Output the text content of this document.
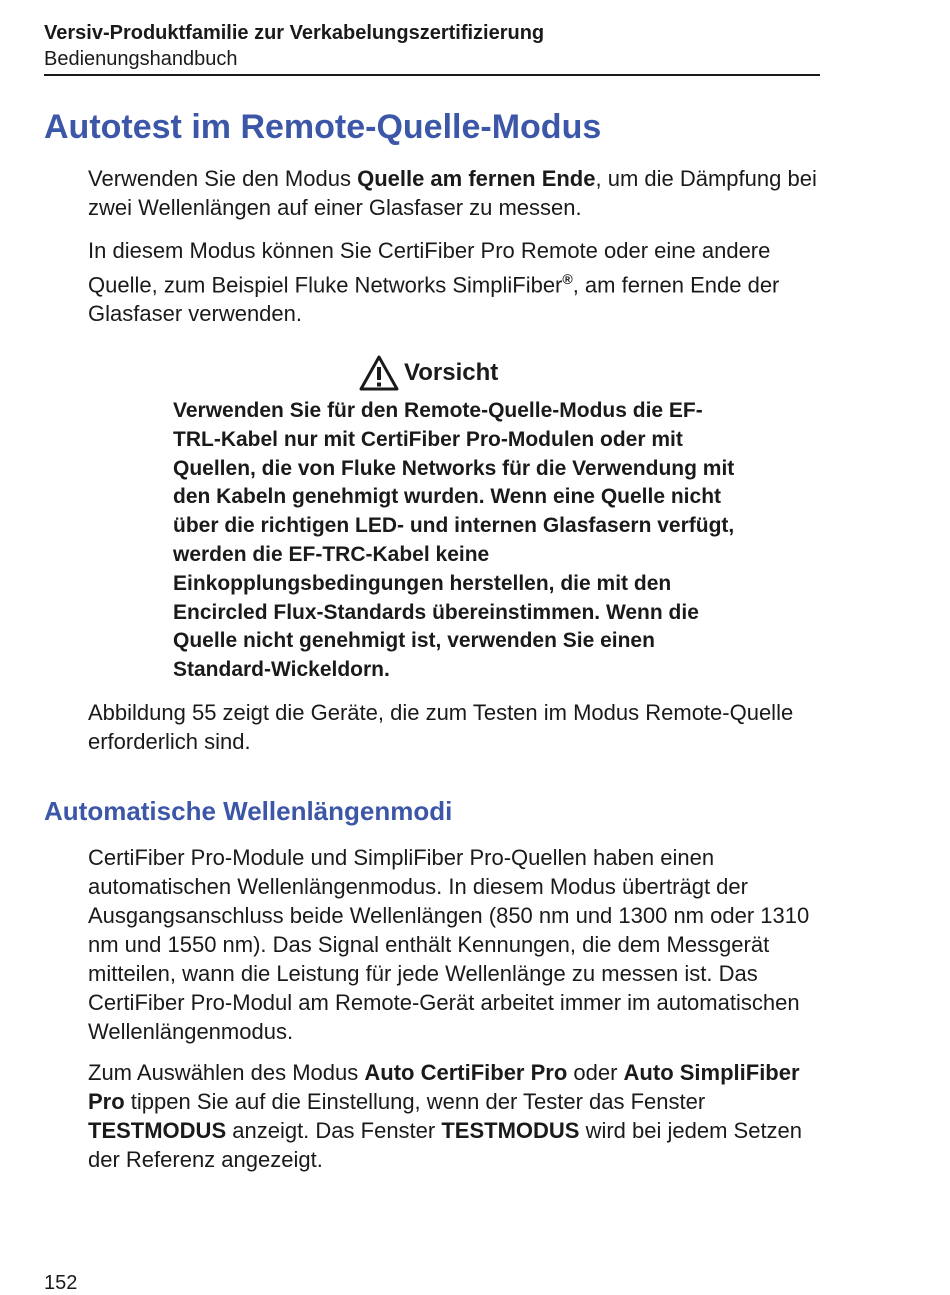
Versiv-Produktfamilie zur Verkabelungszertifizierung
Bedienungshandbuch
Autotest im Remote-Quelle-Modus

Verwenden Sie den Modus Quelle am fernen Ende, um die Dämpfung bei zwei Wellenlängen auf einer Glasfaser zu messen.

In diesem Modus können Sie CertiFiber Pro Remote oder eine andere Quelle, zum Beispiel Fluke Networks SimpliFiber®, am fernen Ende der Glasfaser verwenden.

Vorsicht

Verwenden Sie für den Remote-Quelle-Modus die EF-TRL-Kabel nur mit CertiFiber Pro-Modulen oder mit Quellen, die von Fluke Networks für die Verwendung mit den Kabeln genehmigt wurden. Wenn eine Quelle nicht über die richtigen LED- und internen Glasfasern verfügt, werden die EF-TRC-Kabel keine Einkopplungsbedingungen herstellen, die mit den Encircled Flux-Standards übereinstimmen. Wenn die Quelle nicht genehmigt ist, verwenden Sie einen Standard-Wickeldorn.

Abbildung 55 zeigt die Geräte, die zum Testen im Modus Remote-Quelle erforderlich sind.

Automatische Wellenlängenmodi

CertiFiber Pro-Module und SimpliFiber Pro-Quellen haben einen automatischen Wellenlängenmodus. In diesem Modus überträgt der Ausgangsanschluss beide Wellenlängen (850 nm und 1300 nm oder 1310 nm und 1550 nm). Das Signal enthält Kennungen, die dem Messgerät mitteilen, wann die Leistung für jede Wellenlänge zu messen ist. Das CertiFiber Pro-Modul am Remote-Gerät arbeitet immer im automatischen Wellenlängenmodus.

Zum Auswählen des Modus Auto CertiFiber Pro oder Auto SimpliFiber Pro tippen Sie auf die Einstellung, wenn der Tester das Fenster TESTMODUS anzeigt. Das Fenster TESTMODUS wird bei jedem Setzen der Referenz angezeigt.

152
